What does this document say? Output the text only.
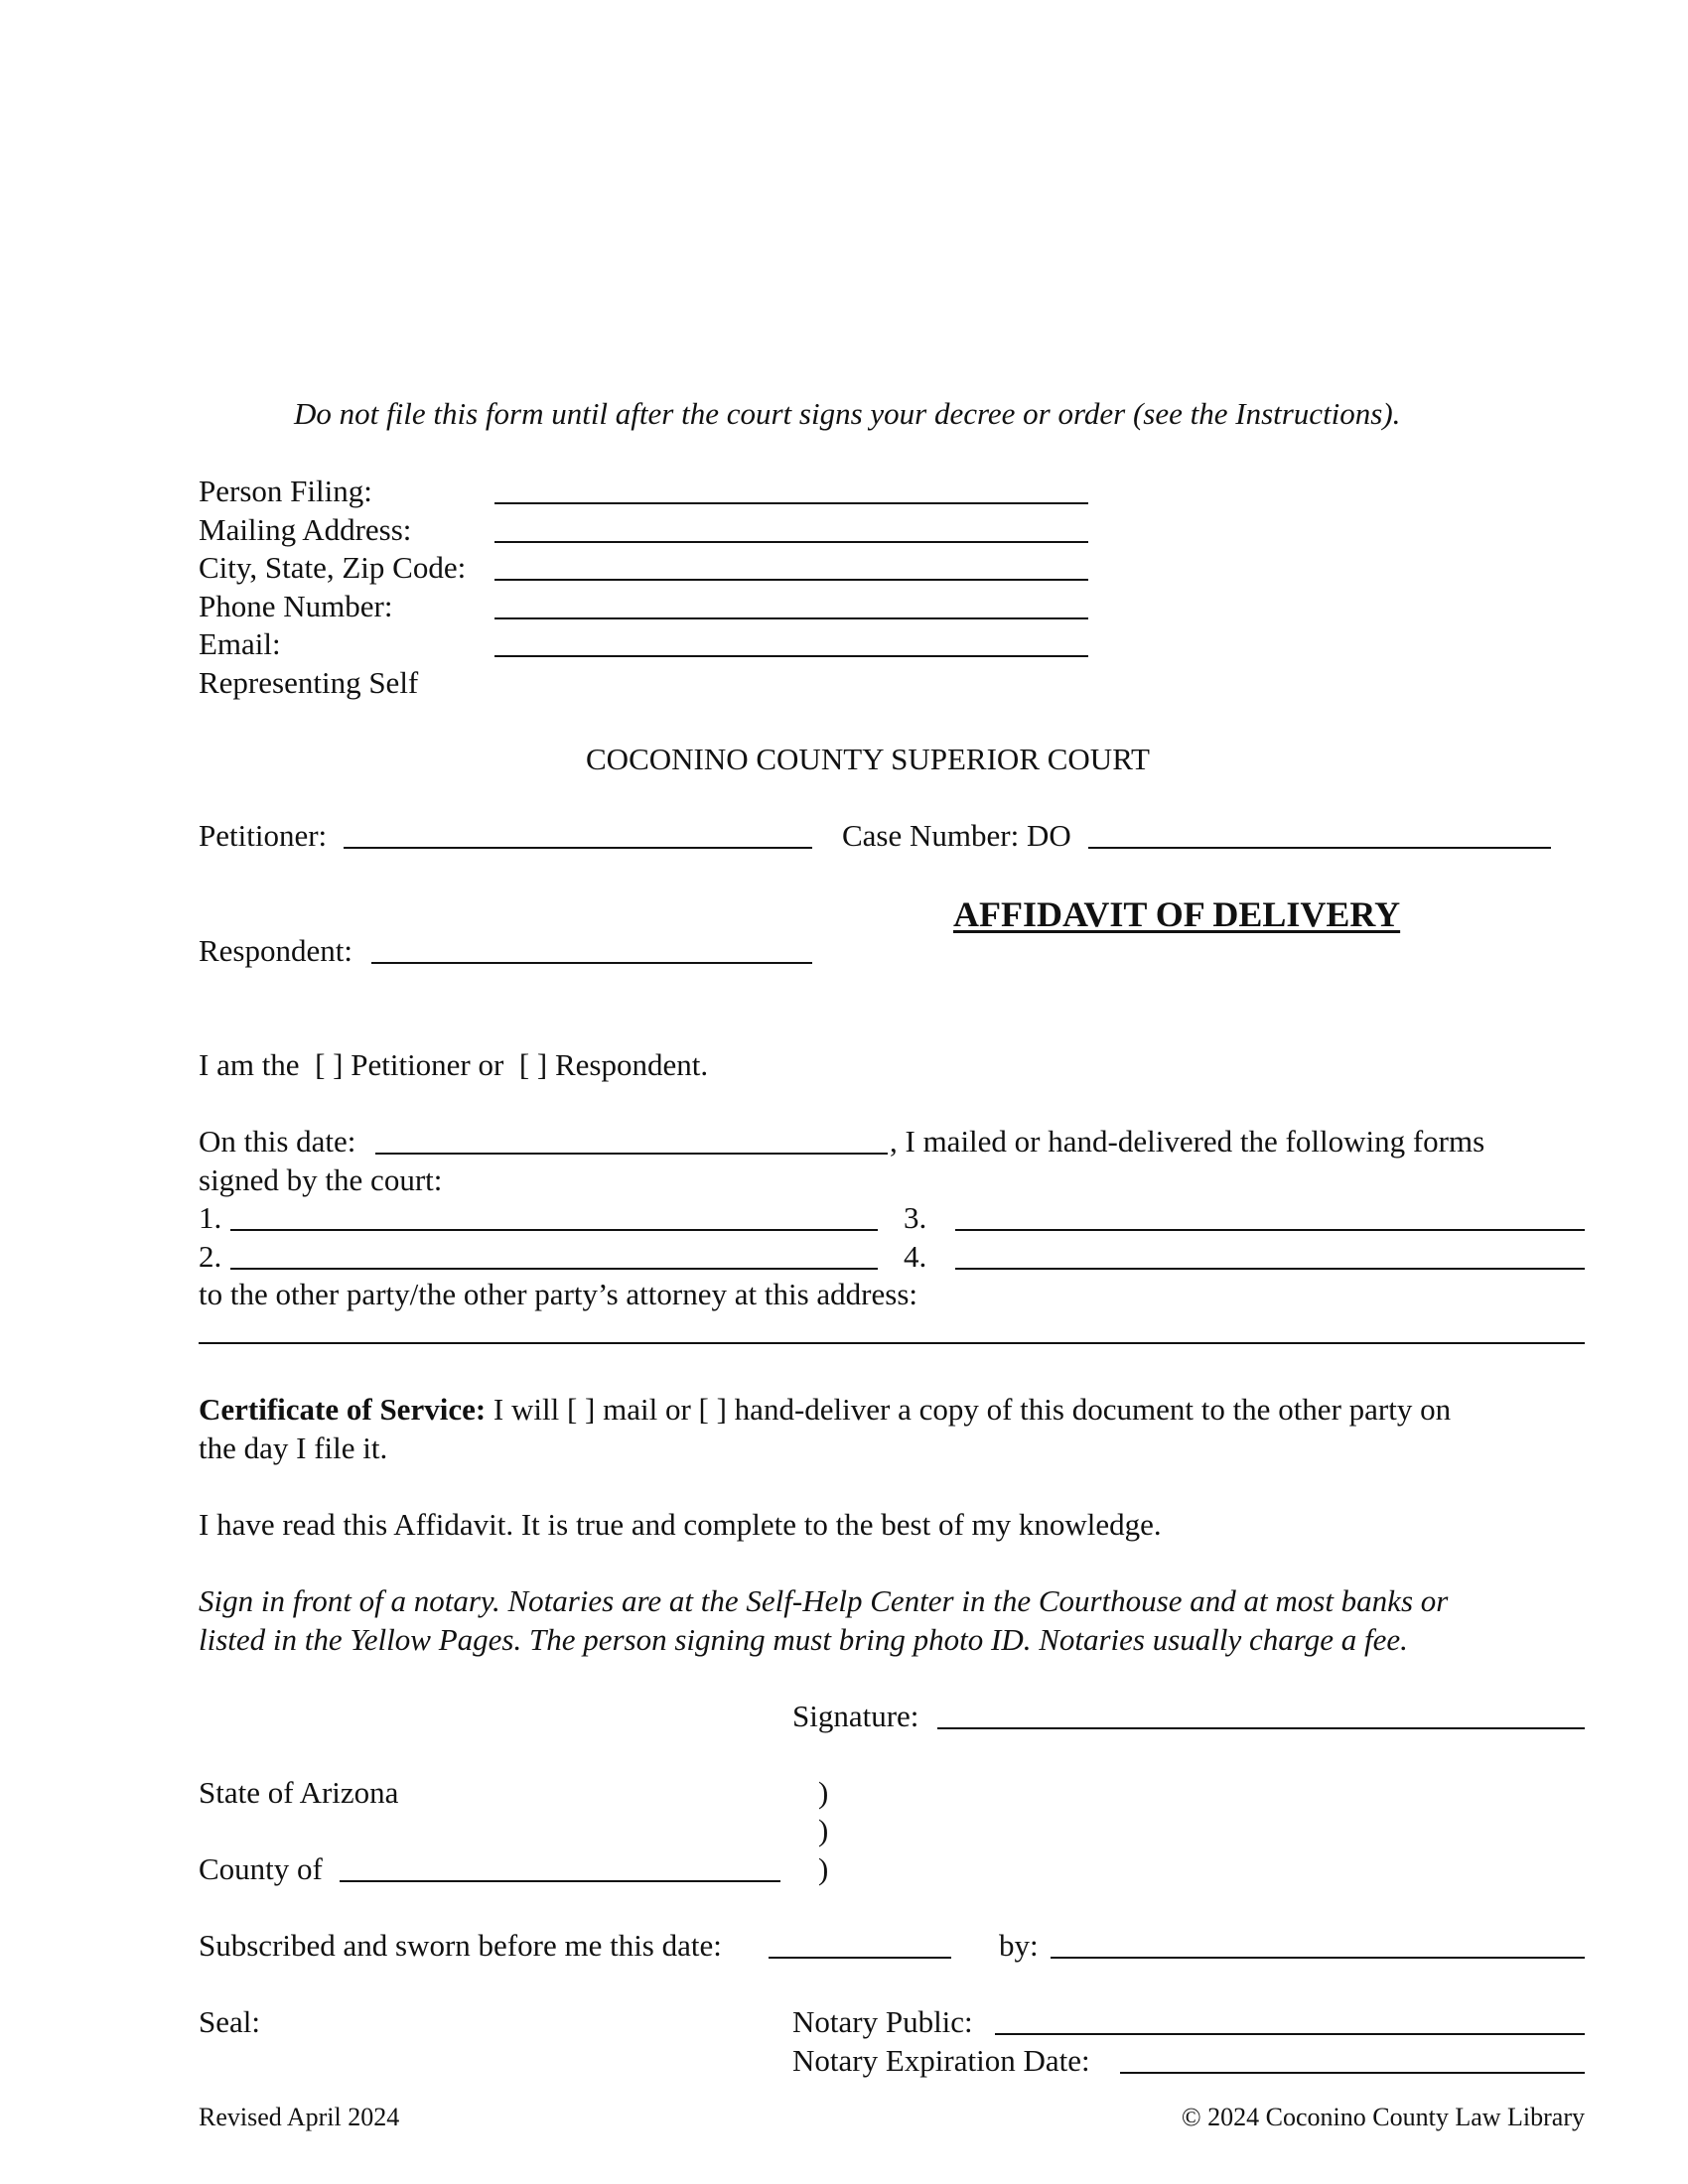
Do not file this form until after the court signs your decree or order (see the Instructions).
Person Filing:
Mailing Address:
City, State, Zip Code:
Phone Number:
Email:
Representing Self
COCONINO COUNTY SUPERIOR COURT
Petitioner:	Case Number: DO
AFFIDAVIT OF DELIVERY
Respondent:
I am the [ ] Petitioner or [ ] Respondent.
On this date:	, I mailed or hand-delivered the following forms
signed by the court:
1.	3.
2.	4.
to the other party/the other party’s attorney at this address:
Certificate of Service: I will [ ] mail or [ ] hand-deliver a copy of this document to the other party on
the day I file it.
I have read this Affidavit. It is true and complete to the best of my knowledge.
Sign in front of a notary. Notaries are at the Self-Help Center in the Courthouse and at most banks or
listed in the Yellow Pages. The person signing must bring photo ID. Notaries usually charge a fee.
Signature:
State of Arizona	)
)
County of	)
Subscribed and sworn before me this date:	by:
Seal:	Notary Public:
Notary Expiration Date:
Revised April 2024	© 2024 Coconino County Law Library
